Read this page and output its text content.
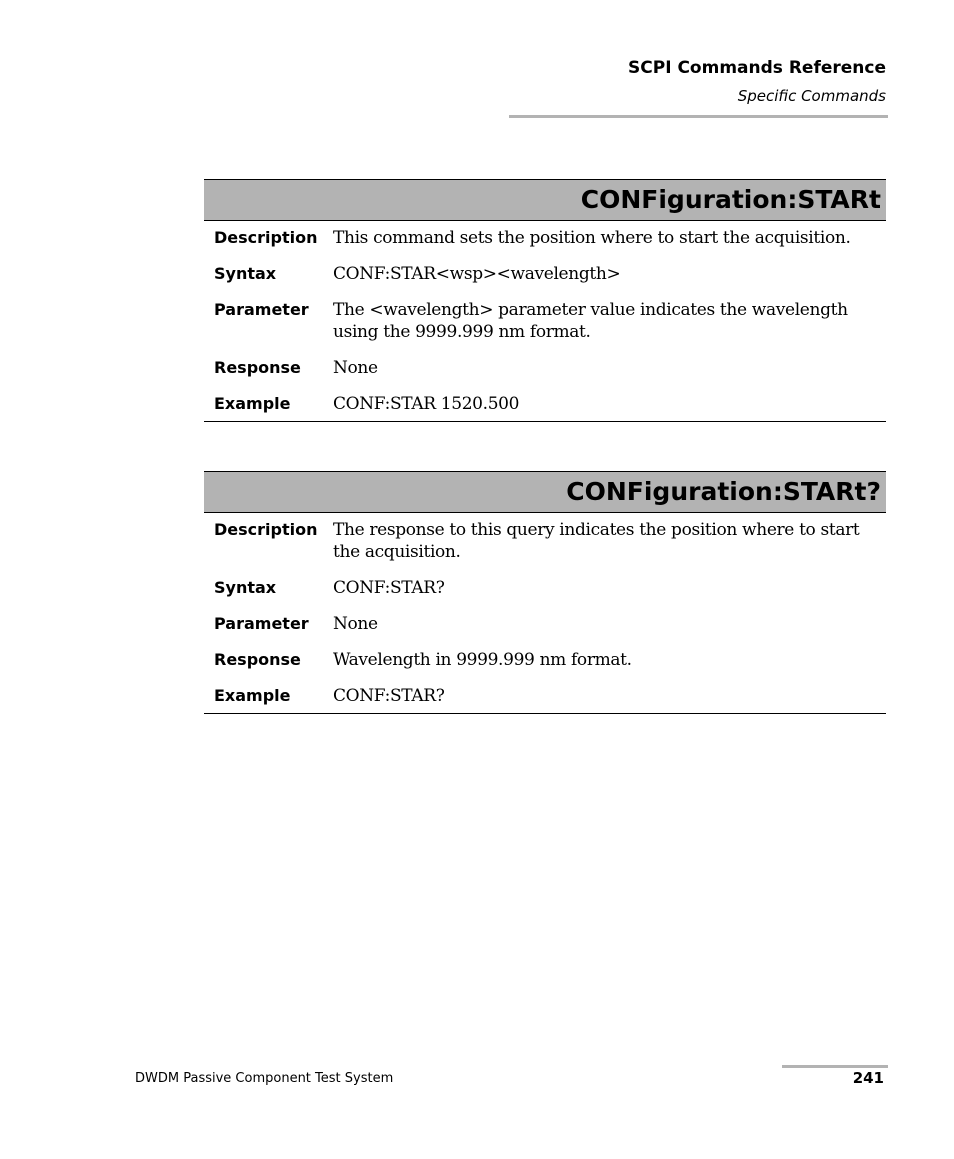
SCPI Commands Reference
Specific Commands
CONFiguration:STARt
Description	This command sets the position where to start the acquisition.
Syntax	CONF:STAR<wsp><wavelength>
Parameter	The <wavelength> parameter value indicates the wavelength using the 9999.999 nm format.
Response	None
Example	CONF:STAR 1520.500
CONFiguration:STARt?
Description	The response to this query indicates the position where to start the acquisition.
Syntax	CONF:STAR?
Parameter	None
Response	Wavelength in 9999.999 nm format.
Example	CONF:STAR?
DWDM Passive Component Test System	241
